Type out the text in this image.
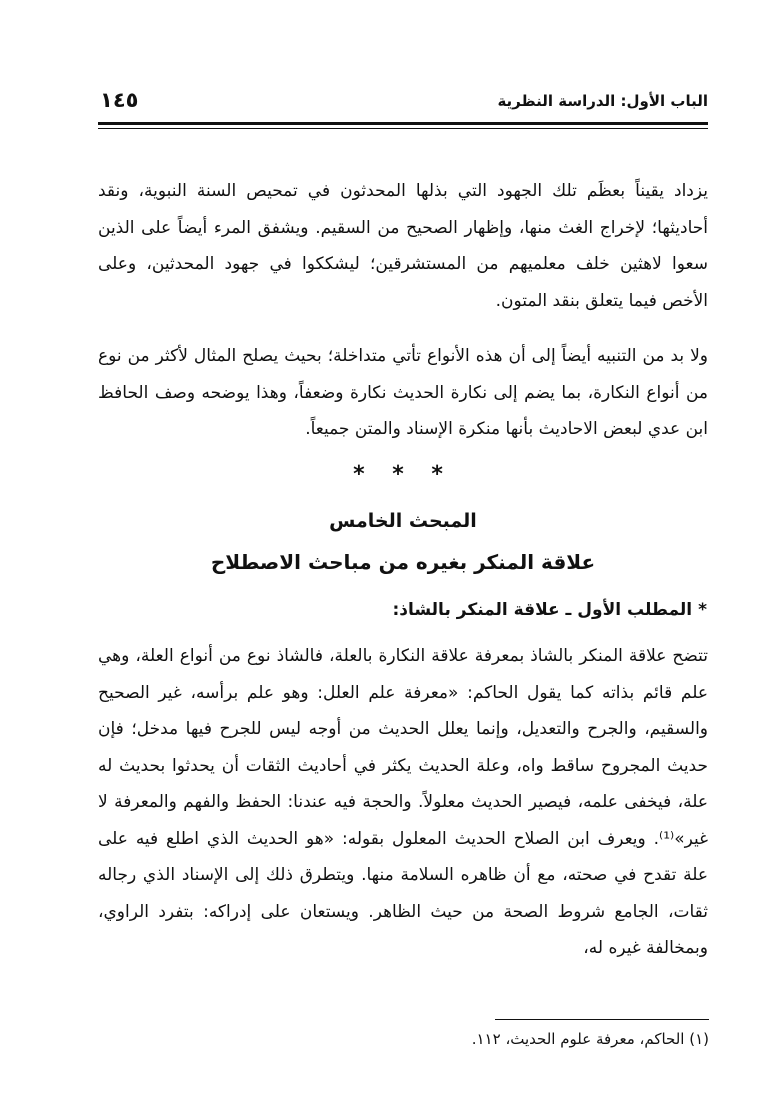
الباب الأول: الدراسة النظرية
١٤٥
يزداد يقيناً بعظَم تلك الجهود التي بذلها المحدثون في تمحيص السنة النبوية، ونقد أحاديثها؛ لإخراج الغث منها، وإظهار الصحيح من السقيم. ويشفق المرء أيضاً على الذين سعوا لاهثين خلف معلميهم من المستشرقين؛ ليشككوا في جهود المحدثين، وعلى الأخص فيما يتعلق بنقد المتون.
ولا بد من التنبيه أيضاً إلى أن هذه الأنواع تأتي متداخلة؛ بحيث يصلح المثال لأكثر من نوع من أنواع النكارة، بما يضم إلى نكارة الحديث نكارة وضعفاً، وهذا يوضحه وصف الحافظ ابن عدي لبعض الاحاديث بأنها منكرة الإسناد والمتن جميعاً.
* * *
المبحث الخامس
علاقة المنكر بغيره من مباحث الاصطلاح
*المطلب الأول ـ علاقة المنكر بالشاذ:
تتضح علاقة المنكر بالشاذ بمعرفة علاقة النكارة بالعلة، فالشاذ نوع من أنواع العلة، وهي علم قائم بذاته كما يقول الحاكم: «معرفة علم العلل: وهو علم برأسه، غير الصحيح والسقيم، والجرح والتعديل، وإنما يعلل الحديث من أوجه ليس للجرح فيها مدخل؛ فإن حديث المجروح ساقط واه، وعلة الحديث يكثر في أحاديث الثقات أن يحدثوا بحديث له علة، فيخفى علمه، فيصير الحديث معلولاً. والحجة فيه عندنا: الحفظ والفهم والمعرفة لا غير»⁽¹⁾. ويعرف ابن الصلاح الحديث المعلول بقوله: «هو الحديث الذي اطلع فيه على علة تقدح في صحته، مع أن ظاهره السلامة منها. ويتطرق ذلك إلى الإسناد الذي رجاله ثقات، الجامع شروط الصحة من حيث الظاهر. ويستعان على إدراكه: بتفرد الراوي، وبمخالفة غيره له،
(١) الحاكم، معرفة علوم الحديث، ١١٢.
